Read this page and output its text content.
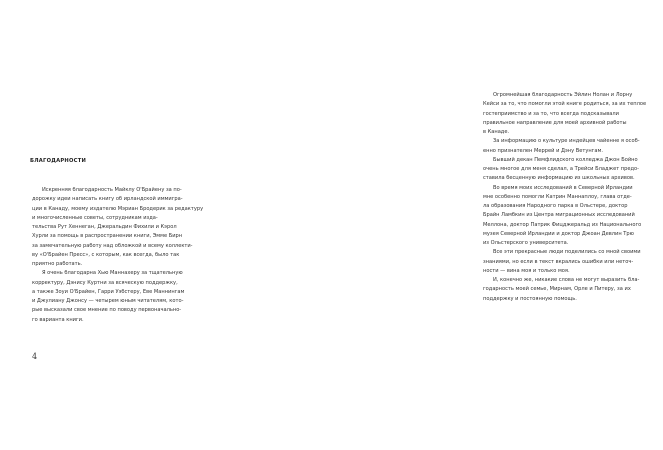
БЛАГОДАРНОСТИ
Искренняя благодарность Майклу О'Брайену за по-
дорожку идеи написать книгу об ирландской иммигра-
ции в Канаду, моему издателю Мэриан Бродерик за редактуру
и многочисленные советы, сотрудникам изда-
тельства Рут Хеннеган, Джеральдин Фихили и Кэрол
Хурли за помощь в распространении книги, Эмме Бирн
за замечательную работу над обложкой и всему коллекти-
ву «О'Брайен Пресс», с которым, как всегда, было так
приятно работать.
Я очень благодарна Хью Маннахеру за тщательную
корректуру, Дэнису Куртни за всяческую поддержку,
а также Зоуи О'Брайен, Гарри Уэбстеру, Еве Маннингам
и Джулиану Джонсу — четырем юным читателям, кото-
рые высказали свое мнение по поводу первоначально-
го варианта книги.
4
Огромнейшая благодарность Эйлин Нолан и Лорну
Кейси за то, что помогли этой книге родиться, за их теплое
гостеприимство и за то, что всегда подсказывали
правильное направление для моей архивной работы
в Канаде.
За информацию о культуре индейцев чайенне я особ-
енно признателен Меррей и Дэну Ветунгам.
Бывший декан Пемфлидского колледжа Джон Бойно
очень многое для меня сделал, а Трейси Бладжет предо-
ставила бесценную информацию из школьных архивов.
Во время моих исследований в Северной Ирландии
мне особенно помогли Катрин Маннаплоу, глава отде-
ла образования Народного парка в Ольстере, доктор
Брайн Ламбкин из Центра миграционных исследований
Меллона, доктор Патрик Фицджеральд из Национального
музея Северной Ирландии и доктор Джоан Девлин Трю
из Ольстерского университета.
Все эти прекрасные люди поделились со мной своими
знаниями, но если в текст вкрались ошибки или неточ-
ности — вина моя и только моя.
И, конечно же, никакие слова не могут выразить бла-
годарность моей семье, Мирнам, Орле и Питеру, за их
поддержку и постоянную помощь.
